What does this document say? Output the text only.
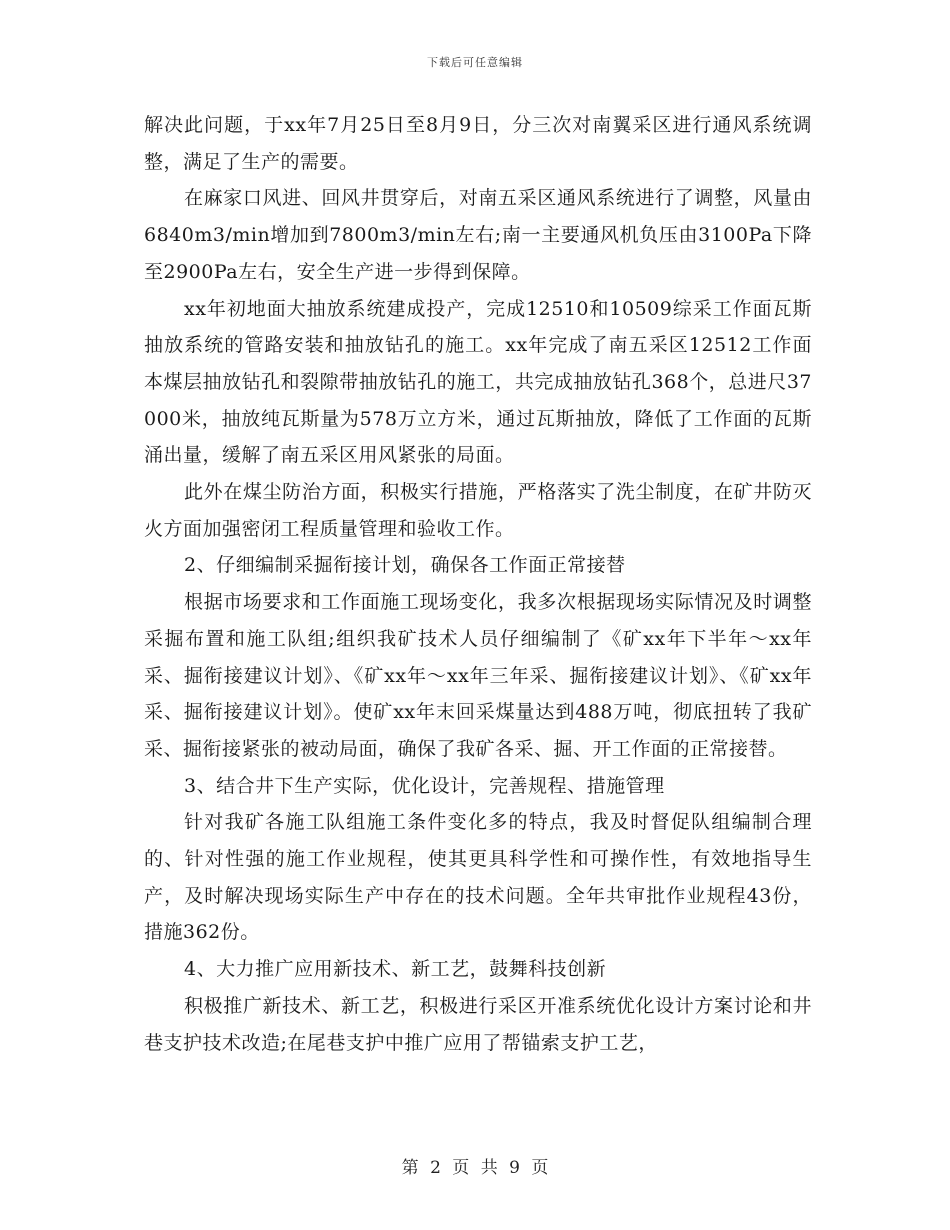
下载后可任意编辑

解决此问题，于xx年7月25日至8月9日，分三次对南翼采区进行通风系统调整，满足了生产的需要。

在麻家口风进、回风井贯穿后，对南五采区通风系统进行了调整，风量由6840m3/min增加到7800m3/min左右;南一主要通风机负压由3100Pa下降至2900Pa左右，安全生产进一步得到保障。

xx年初地面大抽放系统建成投产，完成12510和10509综采工作面瓦斯抽放系统的管路安装和抽放钻孔的施工。xx年完成了南五采区12512工作面本煤层抽放钻孔和裂隙带抽放钻孔的施工，共完成抽放钻孔368个，总进尺37000米，抽放纯瓦斯量为578万立方米，通过瓦斯抽放，降低了工作面的瓦斯涌出量，缓解了南五采区用风紧张的局面。

此外在煤尘防治方面，积极实行措施，严格落实了洗尘制度，在矿井防灭火方面加强密闭工程质量管理和验收工作。

2、仔细编制采掘衔接计划，确保各工作面正常接替

根据市场要求和工作面施工现场变化，我多次根据现场实际情况及时调整采掘布置和施工队组;组织我矿技术人员仔细编制了《矿xx年下半年～xx年采、掘衔接建议计划》、《矿xx年～xx年三年采、掘衔接建议计划》、《矿xx年采、掘衔接建议计划》。使矿xx年末回采煤量达到488万吨，彻底扭转了我矿采、掘衔接紧张的被动局面，确保了我矿各采、掘、开工作面的正常接替。

3、结合井下生产实际，优化设计，完善规程、措施管理

针对我矿各施工队组施工条件变化多的特点，我及时督促队组编制合理的、针对性强的施工作业规程，使其更具科学性和可操作性，有效地指导生产，及时解决现场实际生产中存在的技术问题。全年共审批作业规程43份，措施362份。

4、大力推广应用新技术、新工艺，鼓舞科技创新

积极推广新技术、新工艺，积极进行采区开准系统优化设计方案讨论和井巷支护技术改造;在尾巷支护中推广应用了帮锚索支护工艺，

第 2 页 共 9 页
